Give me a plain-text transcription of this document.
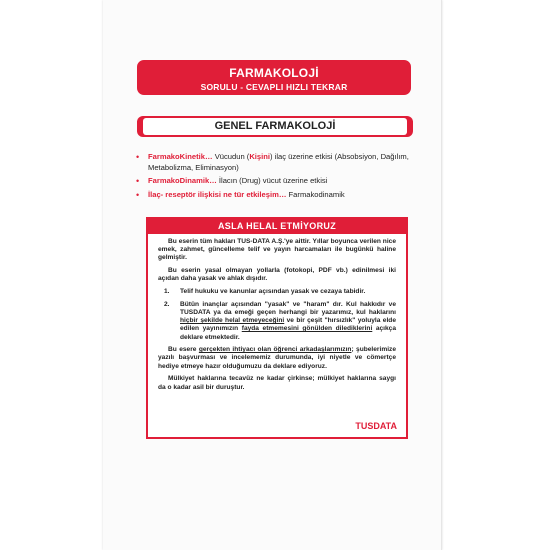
FARMAKOLOJİ
SORULU - CEVAPLI HIZLI TEKRAR
GENEL FARMAKOLOJİ
• FarmakoKinetik… Vücudun (Kişini) ilaç üzerine etkisi (Absobsiyon, Dağılım, Metabolizma, Eliminasyon)
• FarmakoDinamik… İlacın (Drug) vücut üzerine etkisi
• İlaç- reseptör ilişkisi ne tür etkileşim… Farmakodinamik
ASLA HELAL ETMİYORUZ

Bu eserin tüm hakları TUS-DATA A.Ş.'ye aittir. Yıllar boyunca verilen nice emek, zahmet, güncelleme telif ve yayın harcamaları ile bugünkü haline gelmiştir.

Bu eserin yasal olmayan yollarla (fotokopi, PDF vb.) edinilmesi iki açıdan daha yasak ve ahlak dışıdır.

1. Telif hukuku ve kanunlar açısından yasak ve cezaya tabidir.
2. Bütün inançlar açısından "yasak" ve "haram" dır. Kul hakkıdır ve TUSDATA ya da emeği geçen herhangi bir yazarımız, kul haklarını hiçbir şekilde helal etmeyeceğini ve bir çeşit "hırsızlık" yoluyla elde edilen yayınımızın fayda etmemesini gönülden dilediklerini açıkça deklare etmektedir.

Bu esere gerçekten ihtiyacı olan öğrenci arkadaşlarımızın; şubelerimize yazılı başvurması ve incelememiz durumunda, iyi niyetle ve cömertçe hediye etmeye hazır olduğumuzu da deklare ediyoruz.

Mülkiyet haklarına tecavüz ne kadar çirkinse; mülkiyet haklarına saygı da o kadar asil bir duruştur.

TUSDATA
